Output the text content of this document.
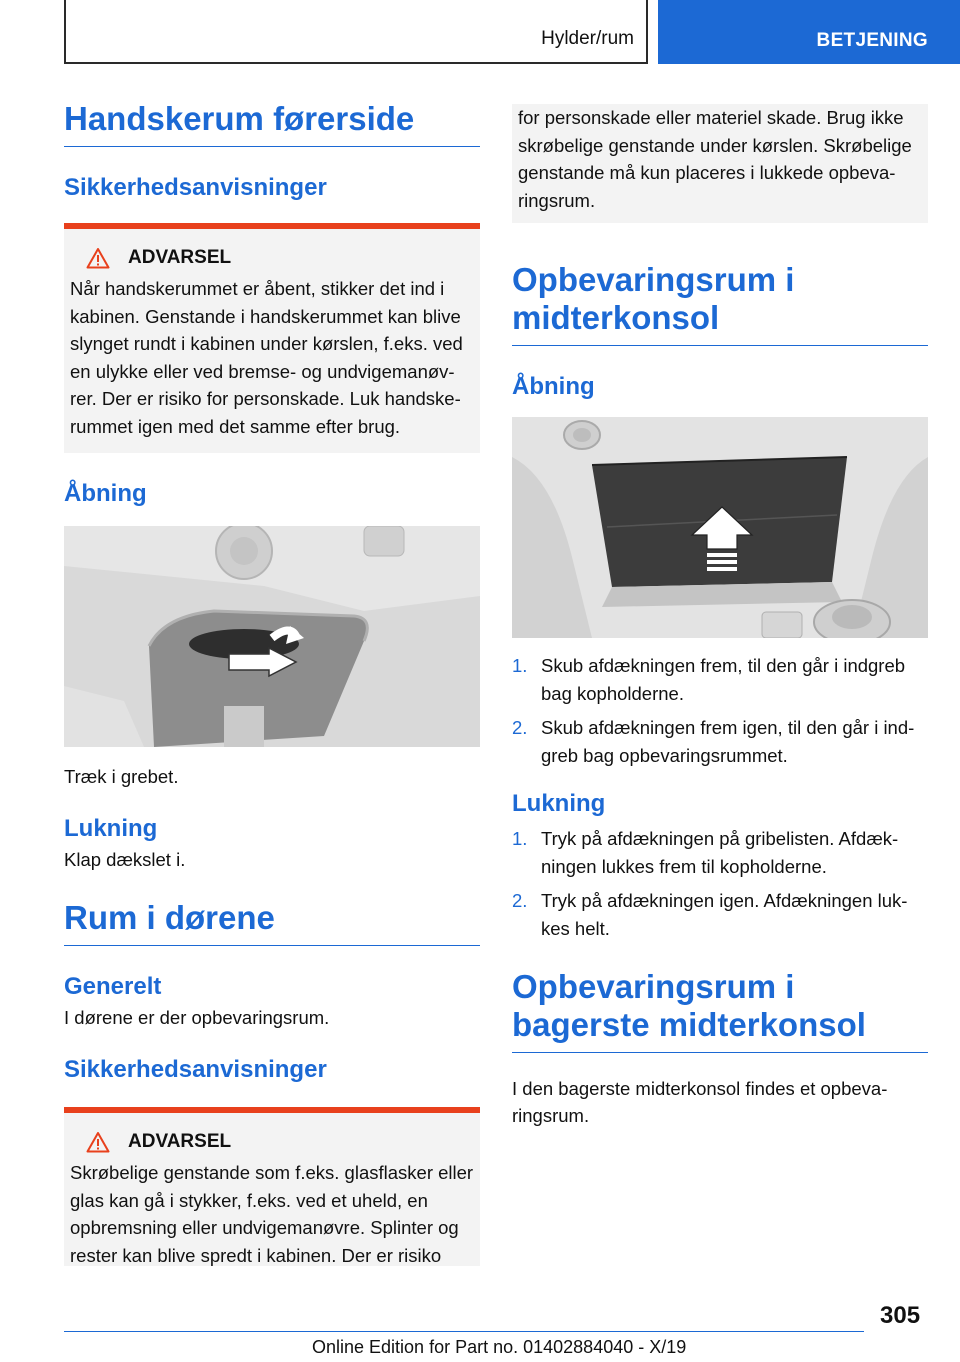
Hylder/rum	BETJENING
Handskerum førerside
Sikkerhedsanvisninger
ADVARSEL

Når handskerummet er åbent, stikker det ind i kabinen. Genstande i handskerummet kan blive slynget rundt i kabinen under kørslen, f.eks. ved en ulykke eller ved bremse- og undvigemanøvrer. Der er risiko for personskade. Luk handskerummet igen med det samme efter brug.

Åbning

Træk i grebet.

Lukning

Klap dækslet i.

Rum i dørene
Generelt

I dørene er der opbevaringsrum.

Sikkerhedsanvisninger
ADVARSEL

Skrøbelige genstande som f.eks. glasflasker eller glas kan gå i stykker, f.eks. ved et uheld, en opbremsning eller undvigemanøvre. Splinter og rester kan blive spredt i kabinen. Der er risiko

for personskade eller materiel skade. Brug ikke skrøbelige genstande under kørslen. Skrøbelige genstande må kun placeres i lukkede opbevaringsrum.

Opbevaringsrum i midterkonsol
Åbning
1. Skub afdækningen frem, til den går i indgreb bag kopholderne.
2. Skub afdækningen frem igen, til den går i indgreb bag opbevaringsrummet.
Lukning
1. Tryk på afdækningen på gribelisten. Afdækningen lukkes frem til kopholderne.
2. Tryk på afdækningen igen. Afdækningen lukkes helt.
Opbevaringsrum i bagerste midterkonsol

I den bagerste midterkonsol findes et opbevaringsrum.

305
Online Edition for Part no. 01402884040 - X/19
